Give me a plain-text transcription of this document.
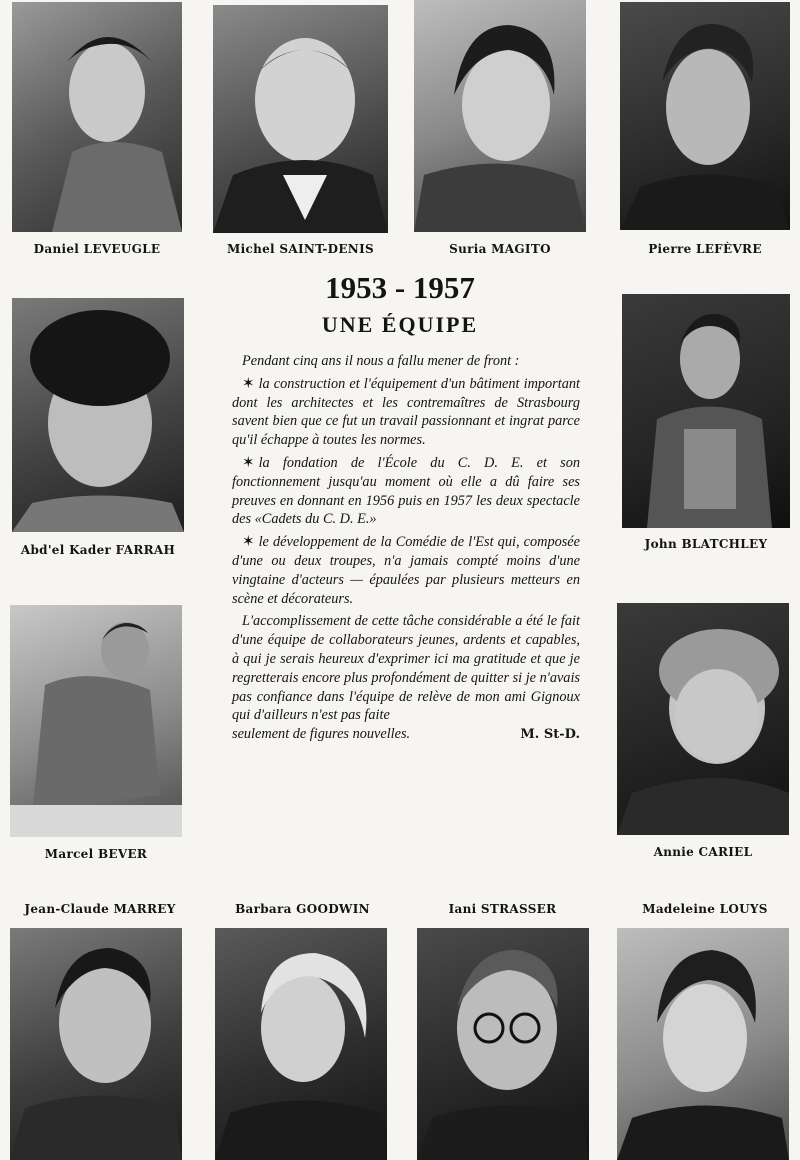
Daniel LEVEUGLE	Michel SAINT-DENIS	Suria MAGITO	Pierre LEFÈVRE
Abd'el Kader FARRAH	John BLATCHLEY
Marcel BEVER	Annie CARIEL
Jean-Claude MARREY	Barbara GOODWIN	Iani STRASSER	Madeleine LOUYS
1953 - 1957
UNE ÉQUIPE

Pendant cinq ans il nous a fallu mener de front :

✶ la construction et l'équipement d'un bâtiment important dont les architectes et les contremaîtres de Strasbourg savent bien que ce fut un travail passionnant et ingrat parce qu'il échappe à toutes les normes.

✶ la fondation de l'École du C. D. E. et son fonctionnement jusqu'au moment où elle a dû faire ses preuves en donnant en 1956 puis en 1957 les deux spectacle des «Cadets du C. D. E.»

✶ le développement de la Comédie de l'Est qui, composée d'une ou deux troupes, n'a jamais compté moins d'une vingtaine d'acteurs — épaulées par plusieurs metteurs en scène et décorateurs.

L'accomplissement de cette tâche considérable a été le fait d'une équipe de collaborateurs jeunes, ardents et capables, à qui je serais heureux d'exprimer ici ma gratitude et que je regretterais encore plus profondément de quitter si je n'avais pas confiance dans l'équipe de relève de mon ami Gignoux qui d'ailleurs n'est pas faite

seulement de figures nouvelles.	M. St-D.
